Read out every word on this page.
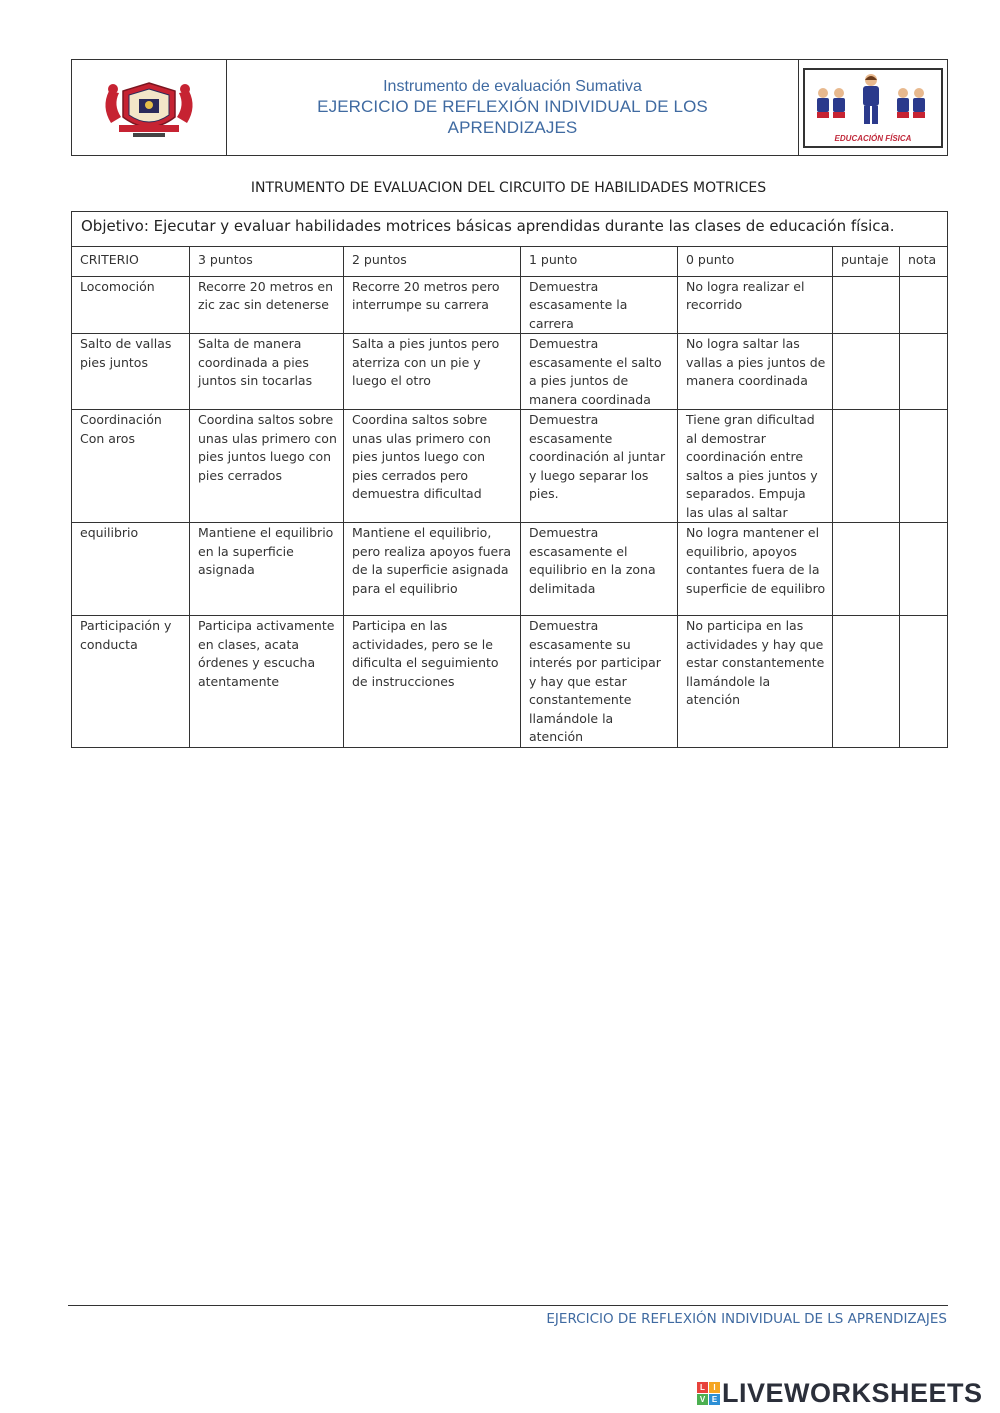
Instrumento de evaluación Sumativa
EJERCICIO DE REFLEXIÓN INDIVIDUAL DE LOS
APRENDIZAJES
EDUCACIÓN FÍSICA
INTRUMENTO DE EVALUACION DEL CIRCUITO DE HABILIDADES MOTRICES
Objetivo: Ejecutar y evaluar habilidades motrices básicas aprendidas durante las clases de educación física.						
CRITERIO	3 puntos	2 puntos	1 punto	0 punto	puntaje	nota
Locomoción	Recorre 20 metros en zic zac sin detenerse	Recorre 20 metros pero interrumpe su carrera	Demuestra escasamente la carrera	No logra realizar el recorrido		
Salto de vallas pies juntos	Salta de manera coordinada a pies juntos sin tocarlas	Salta a pies juntos pero aterriza con un pie y luego el otro	Demuestra escasamente el salto a pies juntos de manera coordinada	No logra saltar las vallas a pies juntos de manera coordinada		
Coordinación Con aros	Coordina saltos sobre unas ulas primero con pies juntos luego con pies cerrados	Coordina saltos sobre unas ulas primero con pies juntos luego con pies cerrados pero demuestra dificultad	Demuestra escasamente coordinación al juntar y luego separar los pies.	Tiene gran dificultad al demostrar coordinación entre saltos a pies juntos y separados. Empuja las ulas al saltar		
equilibrio	Mantiene el equilibrio en la superficie asignada	Mantiene el equilibrio, pero realiza apoyos fuera de la superficie asignada para el equilibrio	Demuestra escasamente el equilibrio en la zona delimitada	No logra mantener el equilibrio, apoyos contantes fuera de la superficie de equilibro		
Participación y conducta	Participa activamente en clases, acata órdenes y escucha atentamente	Participa en las actividades, pero se le dificulta el seguimiento de instrucciones	Demuestra escasamente su interés por participar y hay que estar constantemente llamándole la atención	No participa en las actividades y hay que estar constantemente llamándole la atención		
EJERCICIO DE REFLEXIÓN INDIVIDUAL DE LS APRENDIZAJES
L	I
V E LIVEWORKSHEETS
